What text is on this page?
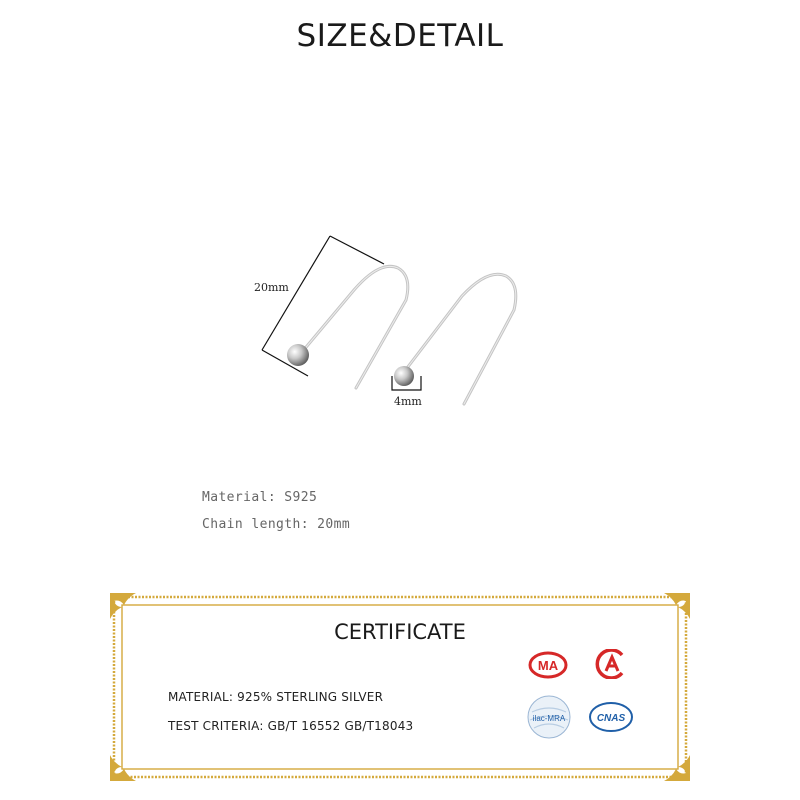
SIZE&DETAIL
20mm
4mm
Material: S925
Chain length: 20mm
CERTIFICATE
MATERIAL: 925% STERLING SILVER
TEST CRITERIA: GB/T 16552 GB/T18043
MA
ilac-MRA	CNAS
